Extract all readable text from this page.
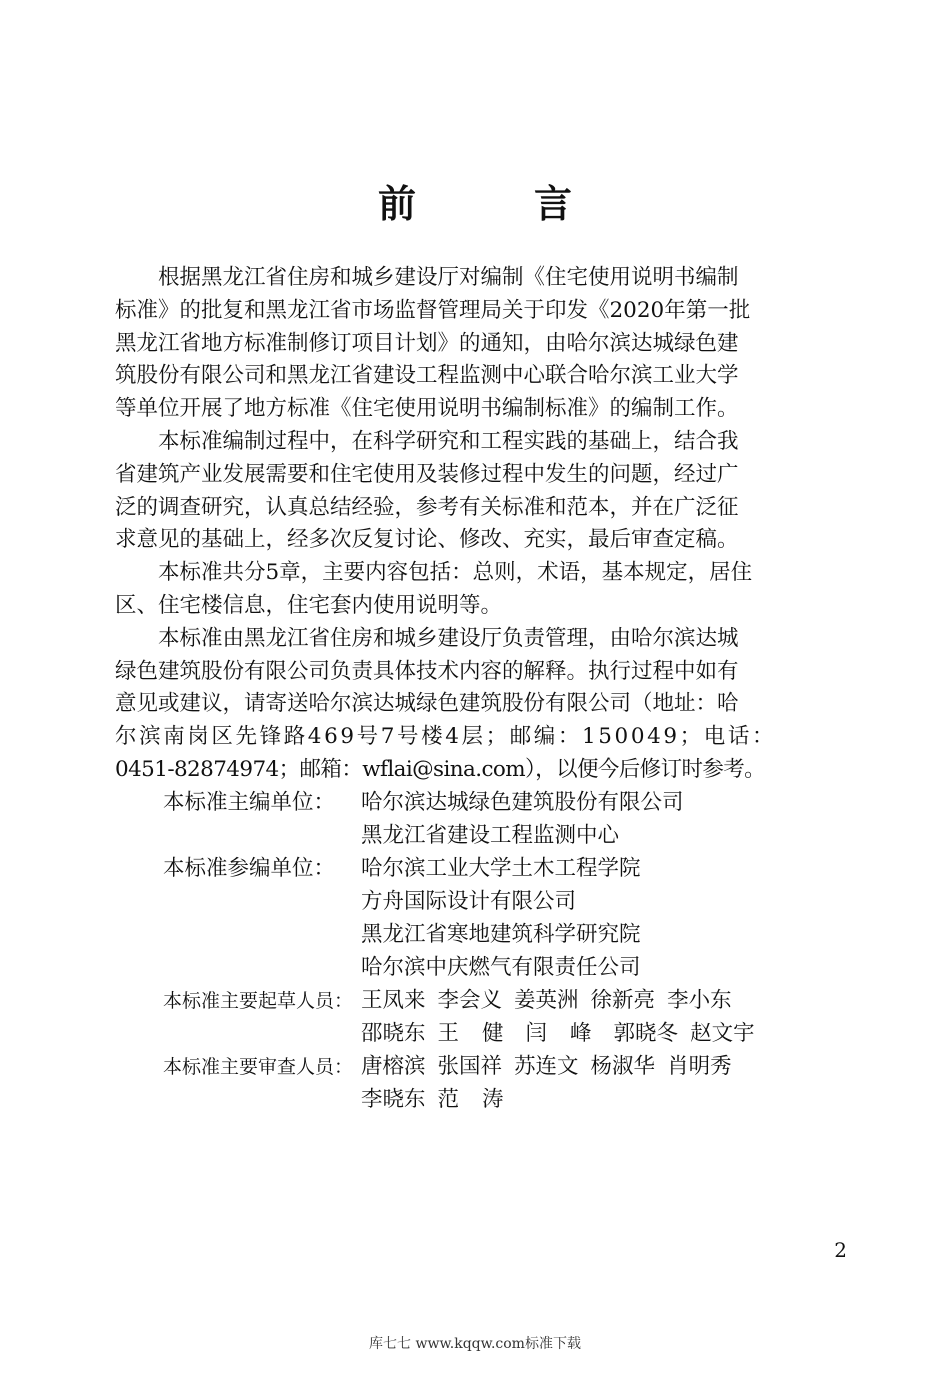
前　言

根据黑龙江省住房和城乡建设厅对编制《住宅使用说明书编制
标准》的批复和黑龙江省市场监督管理局关于印发《2020年第一批
黑龙江省地方标准制修订项目计划》的通知，由哈尔滨达城绿色建
筑股份有限公司和黑龙江省建设工程监测中心联合哈尔滨工业大学
等单位开展了地方标准《住宅使用说明书编制标准》的编制工作。

本标准编制过程中，在科学研究和工程实践的基础上，结合我
省建筑产业发展需要和住宅使用及装修过程中发生的问题，经过广
泛的调查研究，认真总结经验，参考有关标准和范本，并在广泛征
求意见的基础上，经多次反复讨论、修改、充实，最后审查定稿。

本标准共分5章，主要内容包括：总则，术语，基本规定，居住
区、住宅楼信息，住宅套内使用说明等。

本标准由黑龙江省住房和城乡建设厅负责管理，由哈尔滨达城
绿色建筑股份有限公司负责具体技术内容的解释。执行过程中如有
意见或建议，请寄送哈尔滨达城绿色建筑股份有限公司（地址：哈
尔滨南岗区先锋路469号7号楼4层；邮编：150049；电话：
0451-82874974；邮箱：wflai@sina.com），以便今后修订时参考。

本标准主编单位：	哈尔滨达城绿色建筑股份有限公司
黑龙江省建设工程监测中心
本标准参编单位：	哈尔滨工业大学土木工程学院
方舟国际设计有限公司
黑龙江省寒地建筑科学研究院
哈尔滨中庆燃气有限责任公司
本标准主要起草人员： 王凤来 李会义 姜英洲 徐新亮 李小东
邵晓东 王健闫峰郭晓冬 赵文宇
本标准主要审查人员： 唐榕滨 张国祥 苏连文 杨淑华 肖明秀
李晓东 范涛
2
库七七 www.kqqw.com标准下载
